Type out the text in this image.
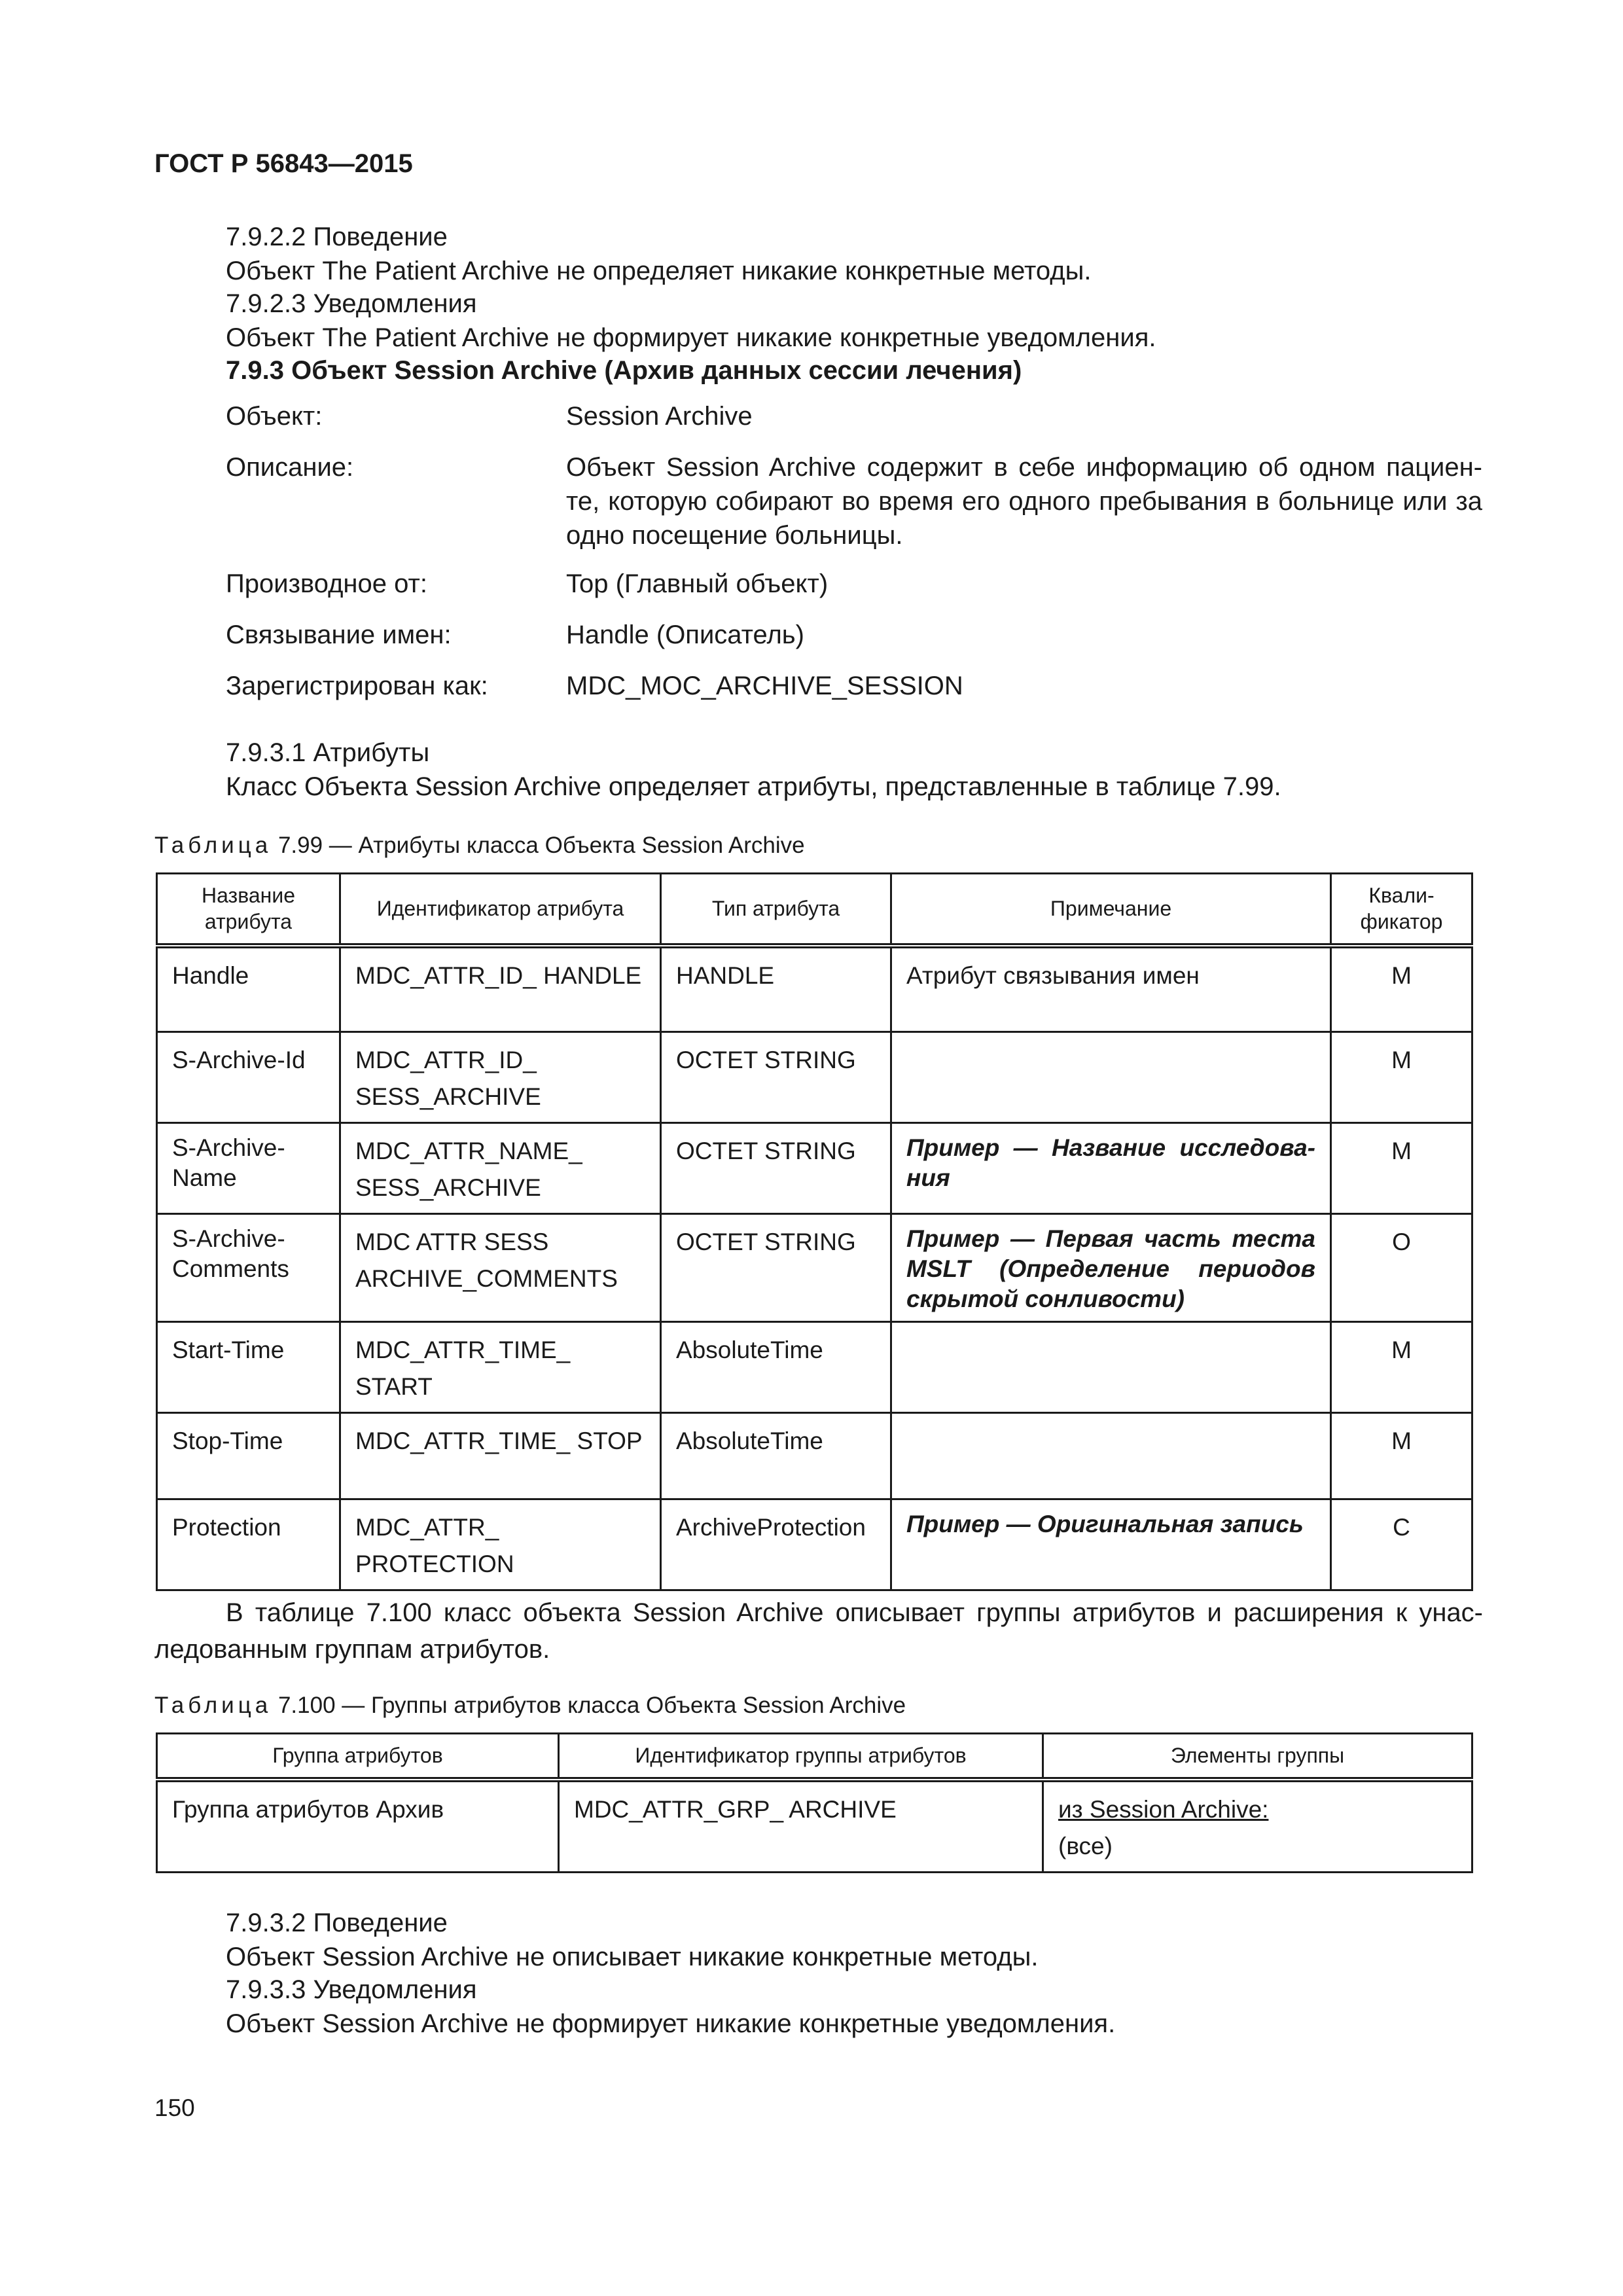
ГОСТ Р 56843—2015
7.9.2.2 Поведение
Объект The Patient Archive не определяет никакие конкретные методы.
7.9.2.3 Уведомления
Объект The Patient Archive не формирует никакие конкретные уведомления.
7.9.3 Объект Session Archive (Архив данных сессии лечения)
Объект:	Session Archive
Описание:	Объект Session Archive содержит в себе информацию об одном пациен-те, которую собирают во время его одного пребывания в больнице или за одно посещение больницы.
Производное от:	Top (Главный объект)
Связывание имен:	Handle (Описатель)
Зарегистрирован как:	MDC_MOC_ARCHIVE_SESSION
7.9.3.1 Атрибуты
Класс Объекта Session Archive определяет атрибуты, представленные в таблице 7.99.
Таблица 7.99 — Атрибуты класса Объекта Session Archive
Название атрибута	Идентификатор атрибута	Тип атрибута	Примечание	Квали-фикатор
Handle	MDC_ATTR_ID_ HANDLE	HANDLE	Атрибут связывания имен	M
S-Archive-Id	MDC_ATTR_ID_ SESS_ARCHIVE	OCTET STRING		M
S-Archive-Name	MDC_ATTR_NAME_ SESS_ARCHIVE	OCTET STRING	Пример — Название исследова-ния	M
S-Archive-Comments	MDC ATTR SESS ARCHIVE_COMMENTS	OCTET STRING	Пример — Первая часть теста MSLT (Определение периодов скрытой сонливости)	O
Start-Time	MDC_ATTR_TIME_ START	AbsoluteTime		M
Stop-Time	MDC_ATTR_TIME_ STOP	AbsoluteTime		M
Protection	MDC_ATTR_ PROTECTION	ArchiveProtection	Пример — Оригинальная запись	C
В таблице 7.100 класс объекта Session Archive описывает группы атрибутов и расширения к унас-ледованным группам атрибутов.
Таблица 7.100 — Группы атрибутов класса Объекта Session Archive
Группа атрибутов	Идентификатор группы атрибутов	Элементы группы
Группа атрибутов Архив	MDC_ATTR_GRP_ ARCHIVE	из Session Archive:
(все)
7.9.3.2 Поведение
Объект Session Archive не описывает никакие конкретные методы.
7.9.3.3 Уведомления
Объект Session Archive не формирует никакие конкретные уведомления.
150
